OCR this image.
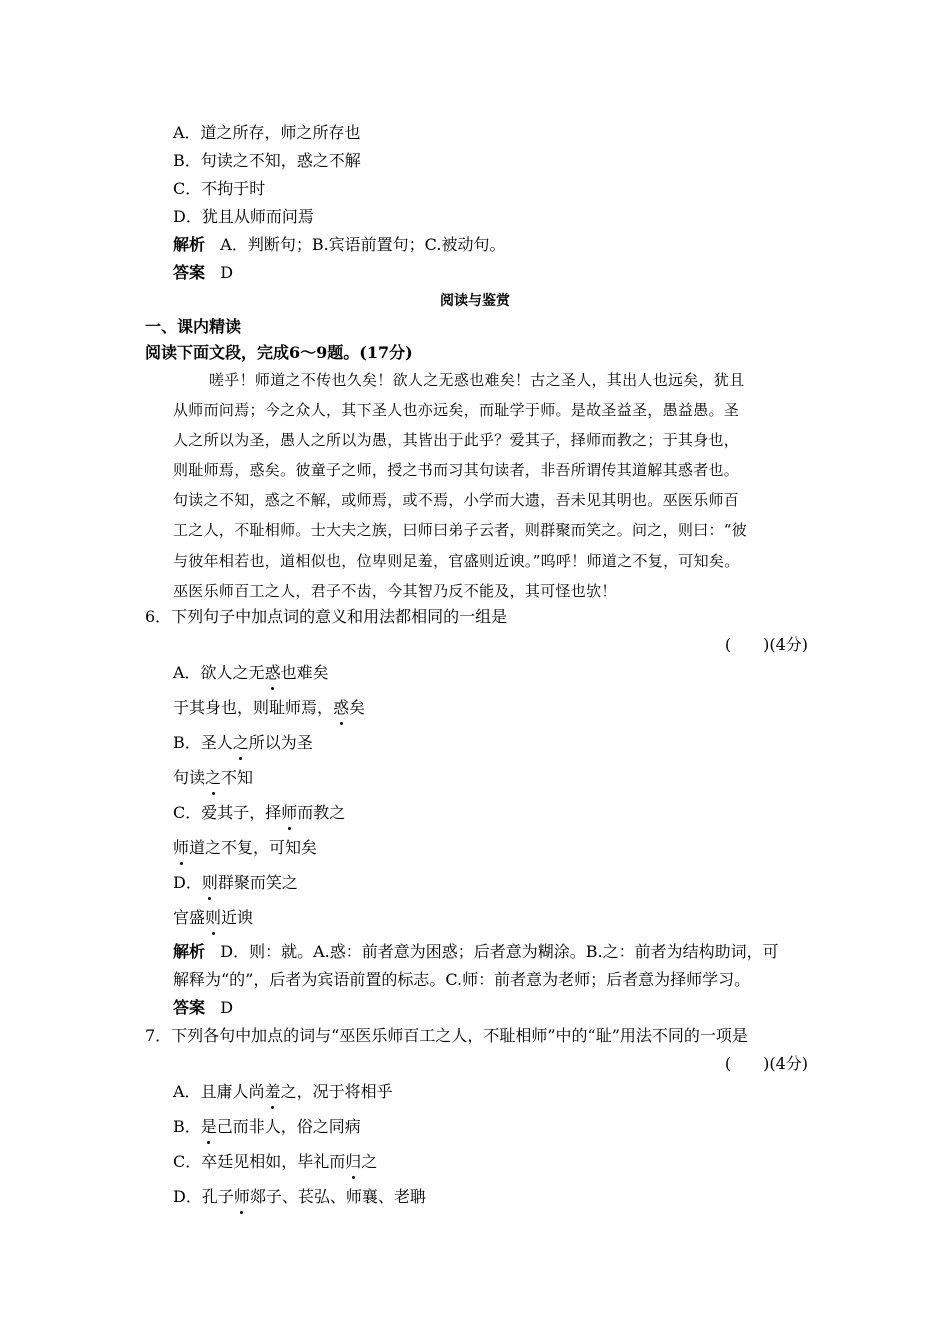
A．道之所存，师之所存也
B．句读之不知，惑之不解
C．不拘于时
D．犹且从师而问焉
解析 A．判断句；B.宾语前置句；C.被动句。
答案 D
阅读与鉴赏
一、课内精读
阅读下面文段，完成6～9题。(17分)
嗟乎！师道之不传也久矣！欲人之无惑也难矣！古之圣人，其出人也远矣，犹且
从师而问焉；今之众人，其下圣人也亦远矣，而耻学于师。是故圣益圣，愚益愚。圣
人之所以为圣，愚人之所以为愚，其皆出于此乎？爱其子，择师而教之；于其身也，
则耻师焉，惑矣。彼童子之师，授之书而习其句读者，非吾所谓传其道解其惑者也。
句读之不知，惑之不解，或师焉，或不焉，小学而大遗，吾未见其明也。巫医乐师百
工之人，不耻相师。士大夫之族，曰师曰弟子云者，则群聚而笑之。问之，则曰：“彼
与彼年相若也，道相似也，位卑则足羞，官盛则近谀。”呜呼！师道之不复，可知矣。
巫医乐师百工之人，君子不齿，今其智乃反不能及，其可怪也欤！
6．下列句子中加点词的意义和用法都相同的一组是
(　　)(4分)
A．欲人之无惑也难矣
于其身也，则耻师焉，惑矣
B．圣人之所以为圣
句读之不知
C．爱其子，择师而教之
师道之不复，可知矣
D．则群聚而笑之
官盛则近谀
解析 D．则：就。A.惑：前者意为困惑；后者意为糊涂。B.之：前者为结构助词，可
解释为“的”，后者为宾语前置的标志。C.师：前者意为老师；后者意为择师学习。
答案 D
7．下列各句中加点的词与“巫医乐师百工之人，不耻相师”中的“耻”用法不同的一项是
(　　)(4分)
A．且庸人尚羞之，况于将相乎
B．是己而非人，俗之同病
C．卒廷见相如，毕礼而归之
D．孔子师郯子、苌弘、师襄、老聃
